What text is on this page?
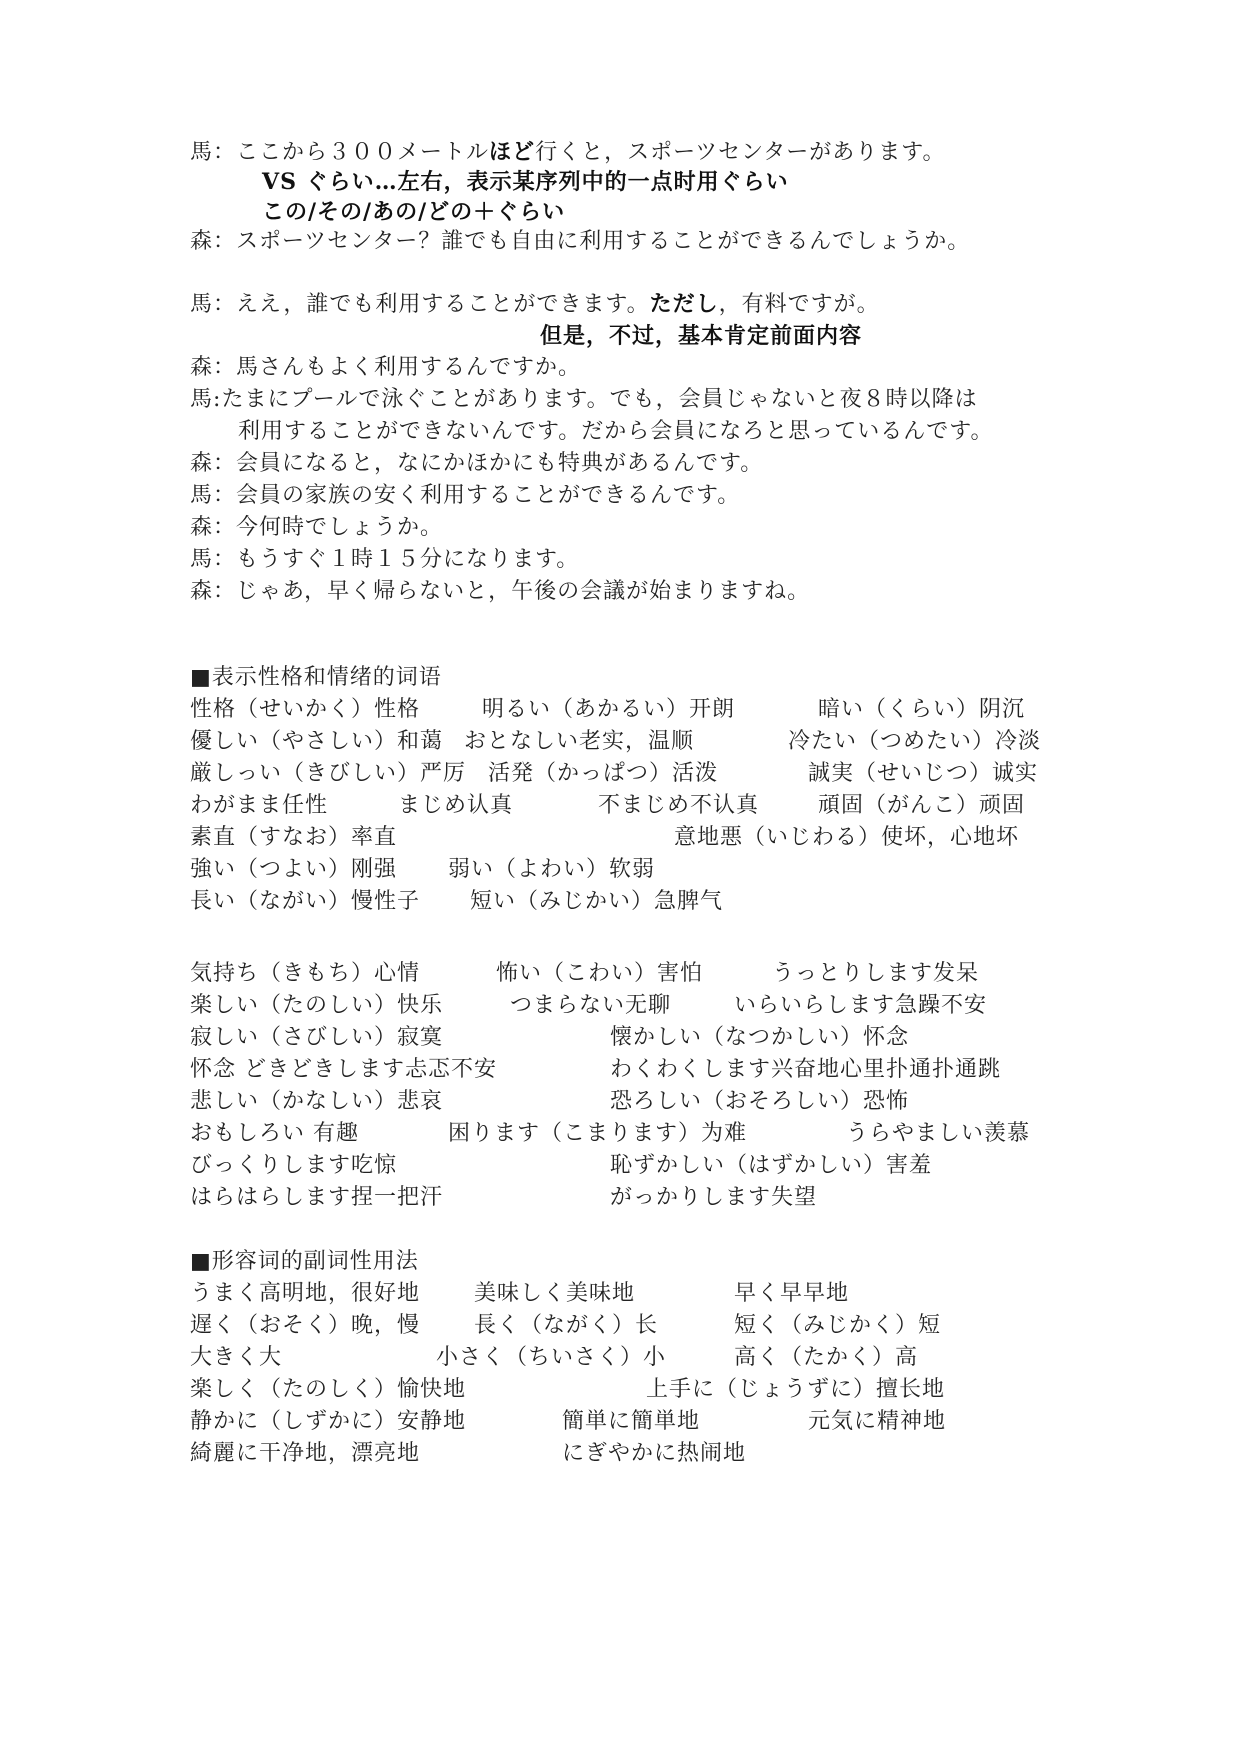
馬：ここから３００メートルほど行くと，スポーツセンターがあります。
VS ぐらい…左右，表示某序列中的一点时用ぐらい
この/その/あの/どの＋ぐらい
森：スポーツセンター？誰でも自由に利用することができるんでしょうか。
馬：ええ，誰でも利用することができます。ただし，有料ですが。
但是，不过，基本肯定前面内容
森：馬さんもよく利用するんですか。
馬:たまにプールで泳ぐことがあります。でも，会員じゃないと夜８時以降は
利用することができないんです。だから会員になろと思っているんです。
森：会員になると，なにかほかにも特典があるんです。
馬：会員の家族の安く利用することができるんです。
森：今何時でしょうか。
馬：もうすぐ１時１５分になります。
森：じゃあ，早く帰らないと，午後の会議が始まりますね。
■表示性格和情绪的词语
性格（せいかく）性格	明るい（あかるい）开朗	暗い（くらい）阴沉
優しい（やさしい）和蔼 おとなしい老实，温顺	冷たい（つめたい）冷淡
厳しっい（きびしい）严厉 活発（かっぱつ）活泼	誠実（せいじつ）诚实
わがまま任性	まじめ认真	不まじめ不认真	頑固（がんこ）顽固
素直（すなお）率直	意地悪（いじわる）使坏，心地坏
強い（つよい）刚强 弱い（よわい）软弱
長い（ながい）慢性子 短い（みじかい）急脾气
気持ち（きもち）心情	怖い（こわい）害怕	うっとりします发呆
楽しい（たのしい）快乐	つまらない无聊	いらいらします急躁不安
寂しい（さびしい）寂寞	懐かしい（なつかしい）怀念
怀念 どきどきします忐忑不安	わくわくします兴奋地心里扑通扑通跳
悲しい（かなしい）悲哀	恐ろしい（おそろしい）恐怖
おもしろい 有趣	困ります（こまります）为难	うらやましい羡慕
びっくりします吃惊	恥ずかしい（はずかしい）害羞
はらはらします捏一把汗	がっかりします失望
■形容词的副词性用法
うまく高明地，很好地 美味しく美味地	早く早早地
遅く（おそく）晚，慢 長く（ながく）长	短く（みじかく）短
大きく大	小さく（ちいさく）小	高く（たかく）高
楽しく（たのしく）愉快地	上手に（じょうずに）擅长地
静かに（しずかに）安静地	簡単に簡単地	元気に精神地
綺麗に干净地，漂亮地	にぎやかに热闹地
